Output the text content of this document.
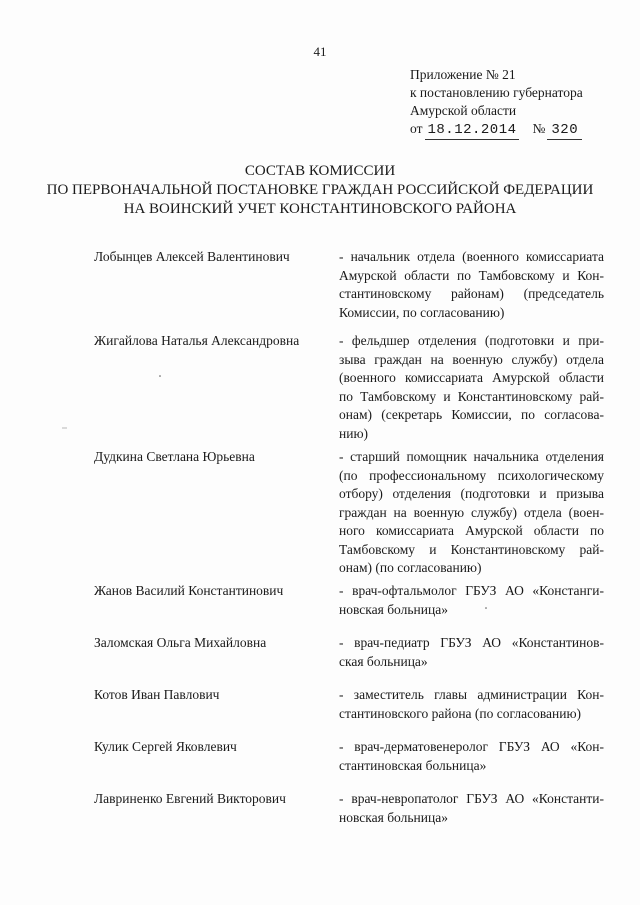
41
Приложение № 21
к постановлению губернатора
Амурской области
от 18.12.2014 № 320
СОСТАВ КОМИССИИ
ПО ПЕРВОНАЧАЛЬНОЙ ПОСТАНОВКЕ ГРАЖДАН РОССИЙСКОЙ ФЕДЕРАЦИИ
НА ВОИНСКИЙ УЧЕТ КОНСТАНТИНОВСКОГО РАЙОНА
Лобынцев Алексей Валентинович	- начальник отдела (военного комиссариата
Амурской области по Тамбовскому и Кон-
стантиновскому районам) (председатель
Комиссии, по согласованию)
Жигайлова Наталья Александровна	- фельдшер отделения (подготовки и при-
зыва граждан на военную службу) отдела
(военного комиссариата Амурской области
по Тамбовскому и Константиновскому рай-
онам) (секретарь Комиссии, по согласова-
нию)
Дудкина Светлана Юрьевна	- старший помощник начальника отделения
(по профессиональному психологическому
отбору) отделения (подготовки и призыва
граждан на военную службу) отдела (воен-
ного комиссариата Амурской области по
Тамбовскому и Константиновскому рай-
онам) (по согласованию)
Жанов Василий Константинович	- врач-офтальмолог ГБУЗ АО «Констанги-
новская больница»
Заломская Ольга Михайловна	- врач-педиатр ГБУЗ АО «Константинов-
ская больница»
Котов Иван Павлович	- заместитель главы администрации Кон-
стантиновского района (по согласованию)
Кулик Сергей Яковлевич	- врач-дерматовенеролог ГБУЗ АО «Кон-
стантиновская больница»
Лавриненко Евгений Викторович	- врач-невропатолог ГБУЗ АО «Константи-
новская больница»
